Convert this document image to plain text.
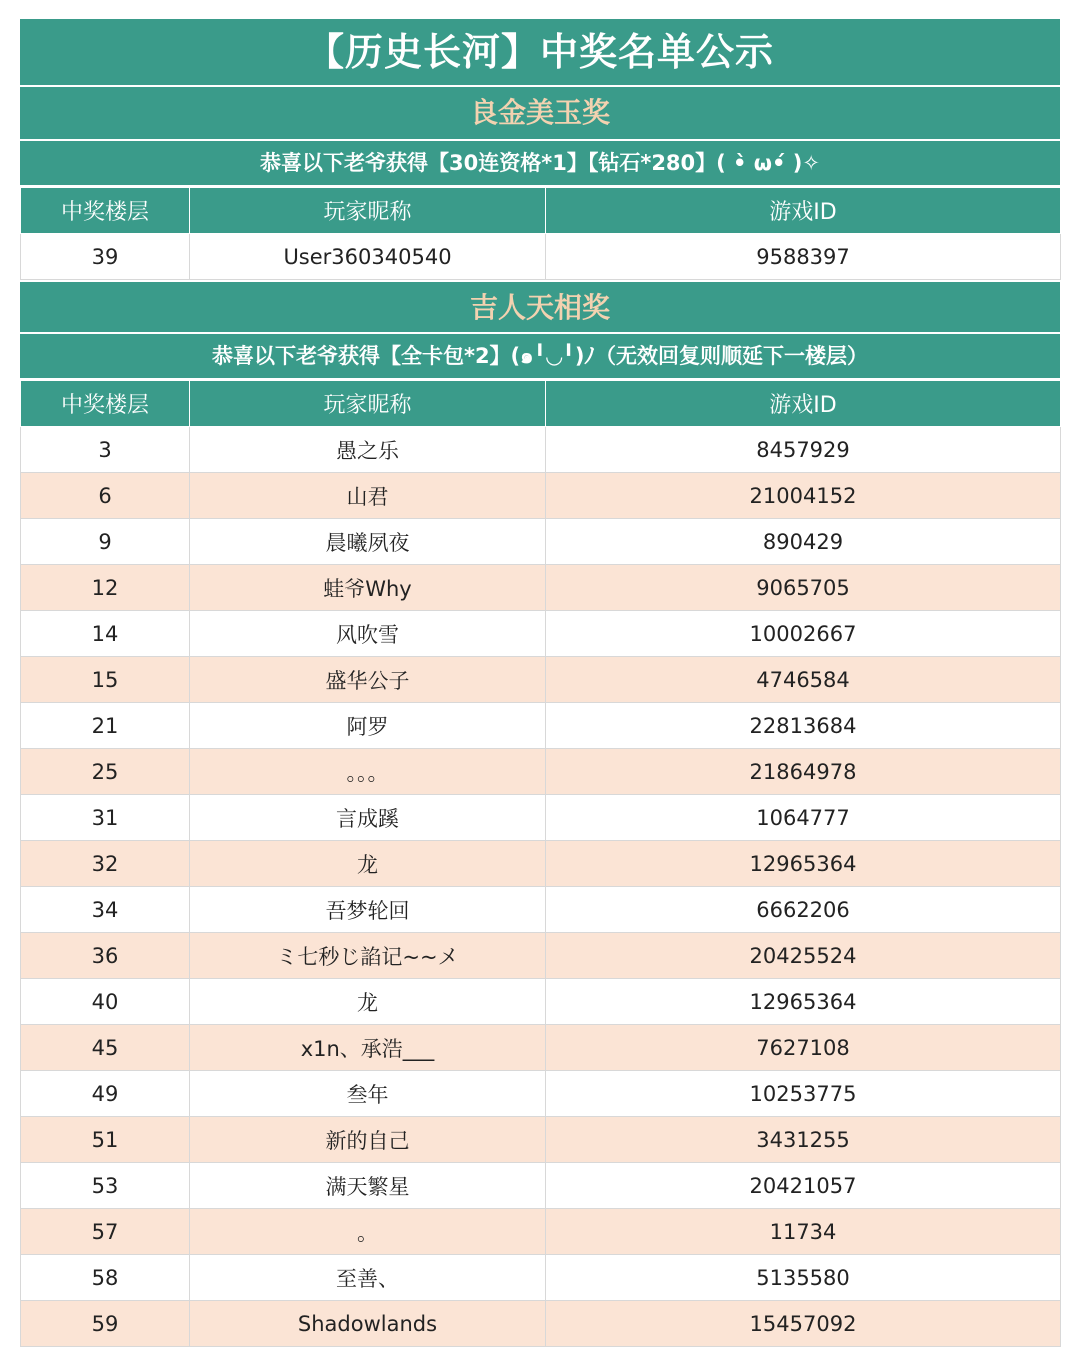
【历史长河】中奖名单公示
良金美玉奖
恭喜以下老爷获得【30连资格*1】【钻石*280】( •̀ ω•́ )✧
中奖楼层	玩家昵称	游戏ID
39	User360340540	9588397
吉人天相奖
恭喜以下老爷获得【全卡包*2】(๑╹◡╹)ﾉ（无效回复则顺延下一楼层）
中奖楼层	玩家昵称	游戏ID
3	愚之乐	8457929
6	山君	21004152
9	晨曦夙夜	890429
12	蛙爷Why	9065705
14	风吹雪	10002667
15	盛华公子	4746584
21	阿罗	22813684
25	。。。	21864978
31	言成蹊	1064777
32	龙	12965364
34	吾梦轮回	6662206
36	ミ七秒じ諂记~~メ	20425524
40	龙	12965364
45	x1n、承浩___	7627108
49	叁年	10253775
51	新的自己	3431255
53	满天繁星	20421057
57	。	11734
58	至善、	5135580
59	Shadowlands	15457092
